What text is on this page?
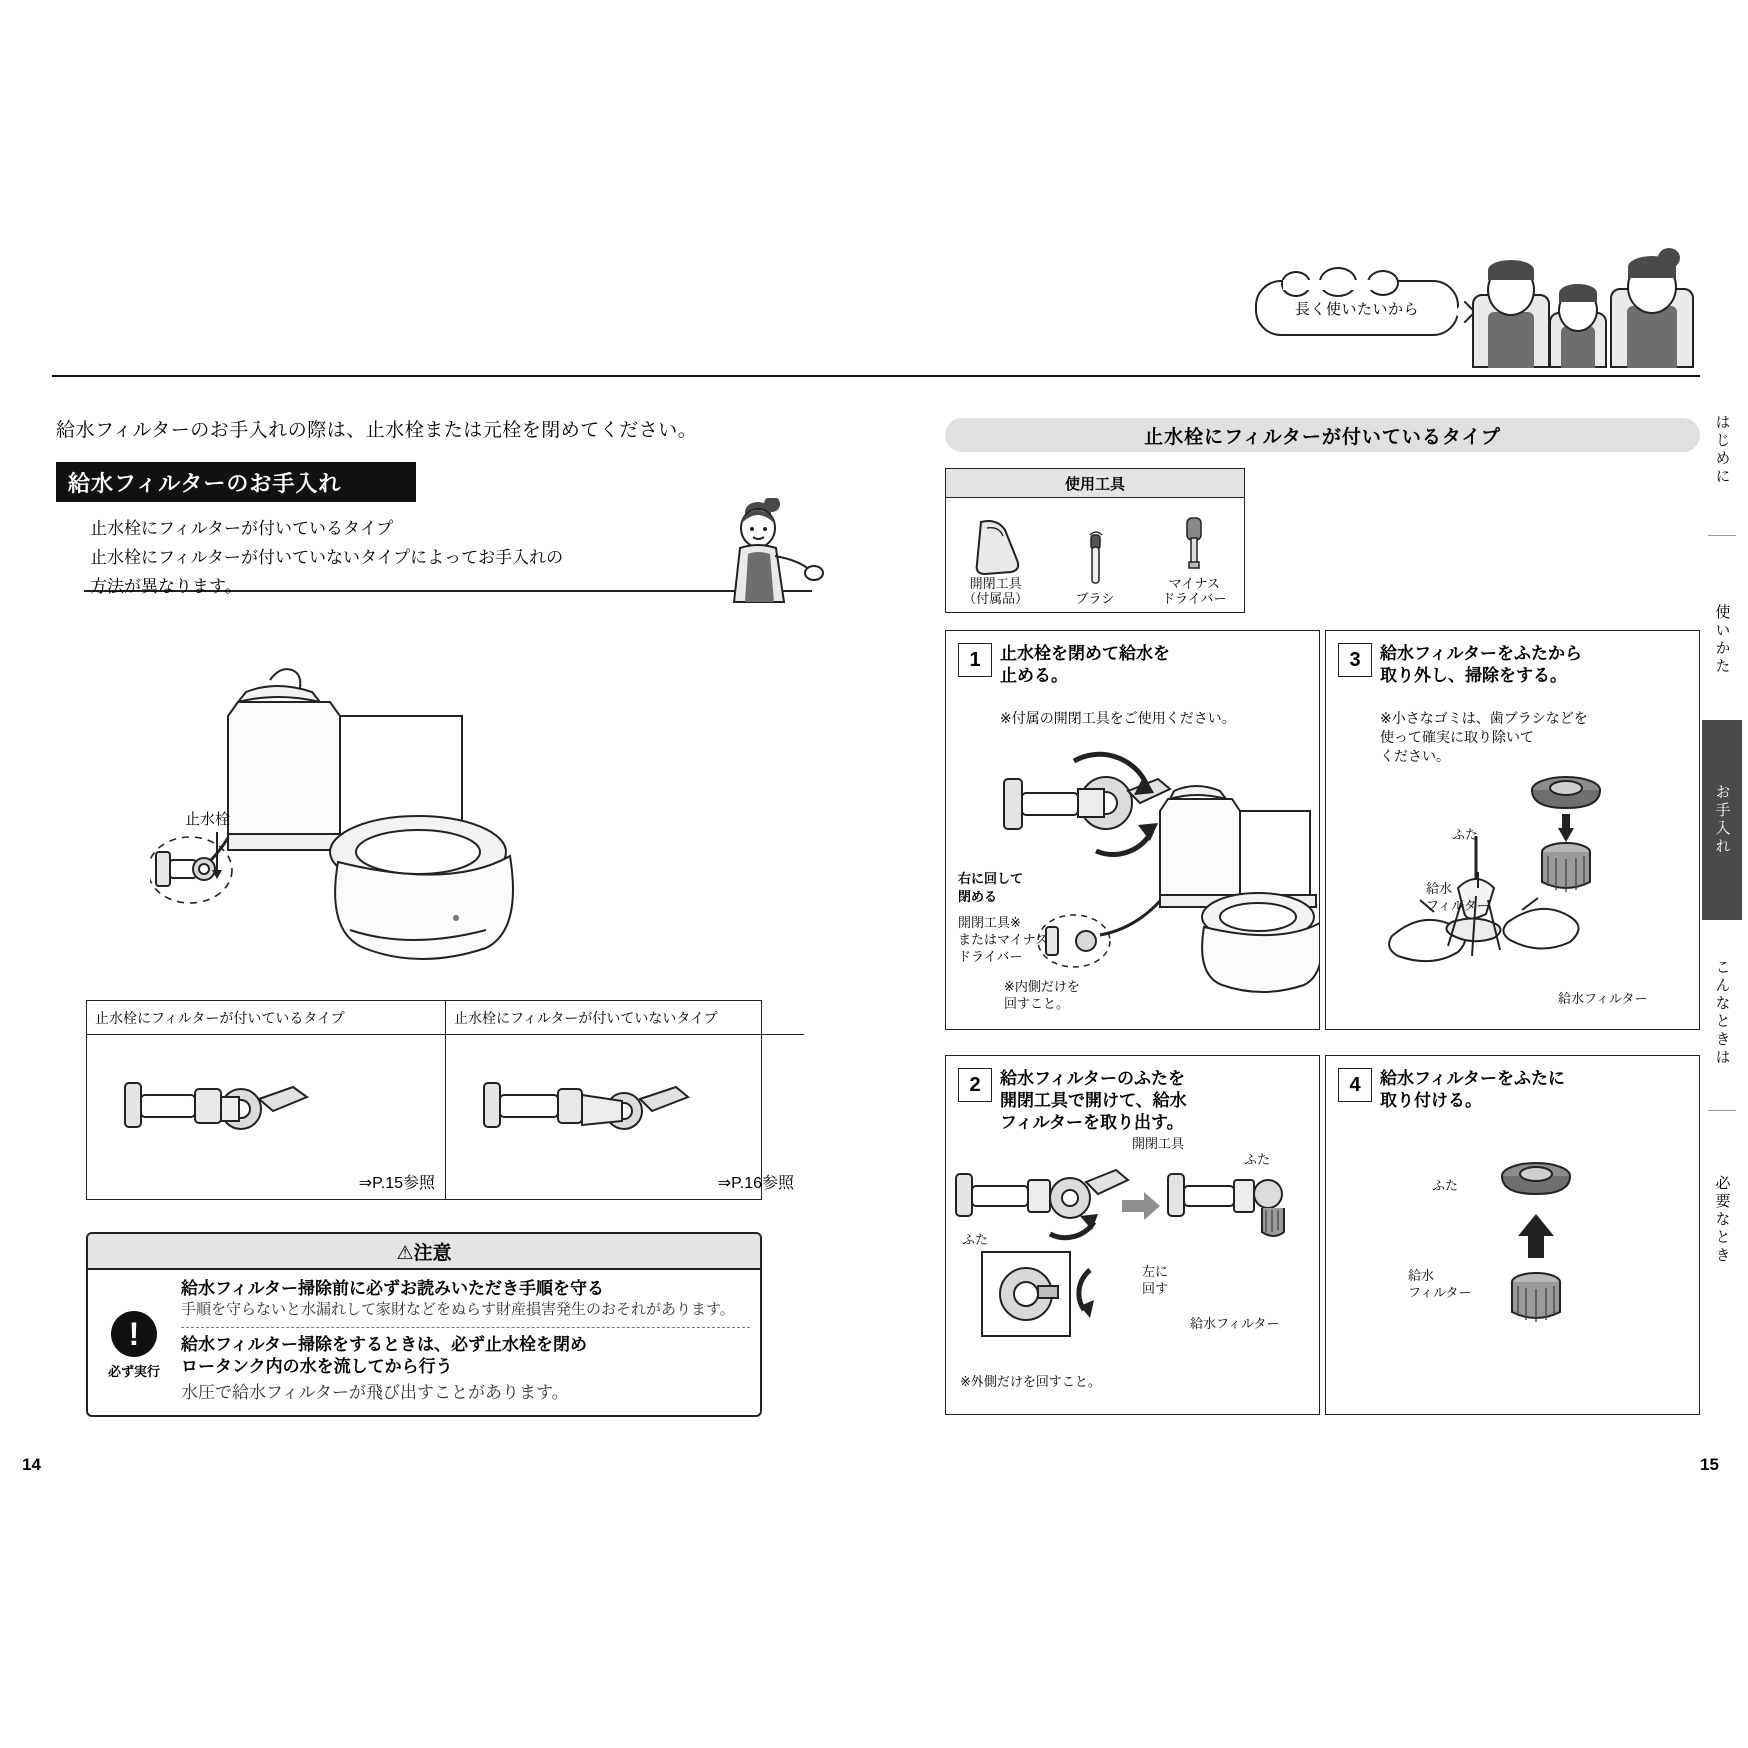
長く使いたいから
給水フィルターのお手入れの際は、止水栓または元栓を閉めてください。
給水フィルターのお手入れ

止水栓にフィルターが付いているタイプ

止水栓にフィルターが付いていないタイプによってお手入れの

方法が異なります。

止水栓
止水栓にフィルターが付いているタイプ
⇒P.15参照
止水栓にフィルターが付いていないタイプ
⇒P.16参照
⚠注意
!
必ず実行
給水フィルター掃除前に必ずお読みいただき手順を守る
手順を守らないと水漏れして家財などをぬらす財産損害発生のおそれがあります。
給水フィルター掃除をするときは、必ず止水栓を閉め
ロータンク内の水を流してから行う
水圧で給水フィルターが飛び出すことがあります。
止水栓にフィルターが付いているタイプ
使用工具
開閉工具
（付属品）	ブラシ
マイナス
ドライバー
1	止水栓を閉めて給水を
止める。
※付属の開閉工具をご使用ください。
右に回して
閉める
開閉工具※
またはマイナス
ドライバー
※内側だけを
回すこと。
3	給水フィルターをふたから
取り外し、掃除をする。
※小さなゴミは、歯ブラシなどを
使って確実に取り除いて
ください。
ふた
給水
フィルター
給水フィルター
2	給水フィルターのふたを
開閉工具で開けて、給水
フィルターを取り出す。
開閉工具
ふた
ふた
左に
回す
給水フィルター
※外側だけを回すこと。
4	給水フィルターをふたに
取り付ける。
ふた
給水
フィルター
はじめに
使いかた
お手入れ
こんなときは
必要なとき
14	15
